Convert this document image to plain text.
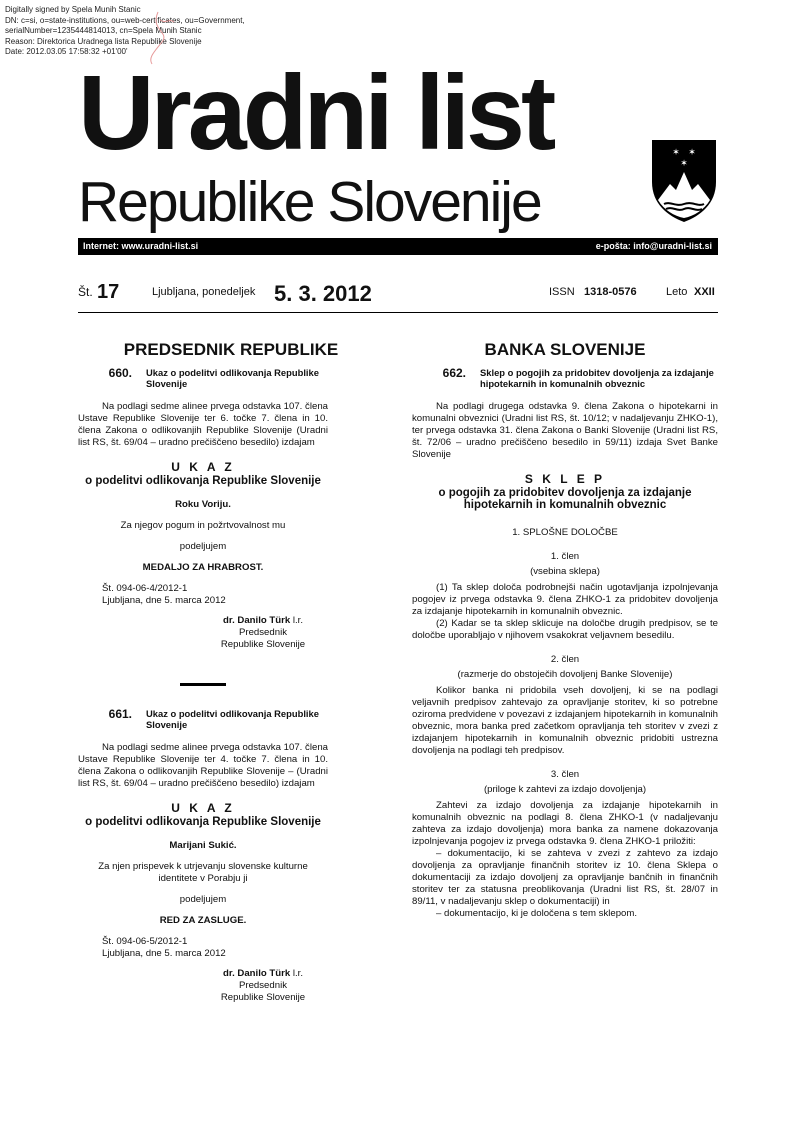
Digitally signed by Spela Munih Stanic
DN: c=si, o=state-institutions, ou=web-certificates, ou=Government,
serialNumber=1235444814013, cn=Spela Munih Stanic
Reason: Direktorica Uradnega lista Republike Slovenije
Date: 2012.03.05 17:58:32 +01'00'
Uradni list
Republike Slovenije
✶ ✶
✶
Internet: www.uradni-list.si	e-pošta: info@uradni-list.si
Št. 17	Ljubljana, ponedeljek 5. 3. 2012	ISSN 1318-0576	Leto XXII
PREDSEDNIK REPUBLIKE
660.	Ukaz o podelitvi odlikovanja Republike Slovenije
Na podlagi sedme alinee prvega odstavka 107. člena Ustave Republike Slovenije ter 6. točke 7. člena in 10. člena Zakona o odlikovanjih Republike Slovenije (Uradni list RS, št. 69/04 – uradno prečiščeno besedilo) izdajam
U K A Z
o podelitvi odlikovanja Republike Slovenije
Roku Voriju.
Za njegov pogum in požrtvovalnost mu
podeljujem
MEDALJO ZA HRABROST.
Št. 094-06-4/2012-1
Ljubljana, dne 5. marca 2012
dr. Danilo Türk l.r.
Predsednik
Republike Slovenije
661.	Ukaz o podelitvi odlikovanja Republike Slovenije
Na podlagi sedme alinee prvega odstavka 107. člena Ustave Republike Slovenije ter 4. točke 7. člena in 10. člena Zakona o odlikovanjih Republike Slovenije – (Uradni list RS, št. 69/04 – uradno prečiščeno besedilo) izdajam
U K A Z
o podelitvi odlikovanja Republike Slovenije
Marijani Sukić.
Za njen prispevek k utrjevanju slovenske kulturne identitete v Porabju ji
podeljujem
RED ZA ZASLUGE.
Št. 094-06-5/2012-1
Ljubljana, dne 5. marca 2012
dr. Danilo Türk l.r.
Predsednik
Republike Slovenije
BANKA SLOVENIJE
662.	Sklep o pogojih za pridobitev dovoljenja za izdajanje hipotekarnih in komunalnih obveznic
Na podlagi drugega odstavka 9. člena Zakona o hipotekarni in komunalni obveznici (Uradni list RS, št. 10/12; v nadaljevanju ZHKO-1), ter prvega odstavka 31. člena Zakona o Banki Slovenije (Uradni list RS, št. 72/06 – uradno prečiščeno besedilo in 59/11) izdaja Svet Banke Slovenije
S K L E P
o pogojih za pridobitev dovoljenja za izdajanje hipotekarnih in komunalnih obveznic
1. SPLOŠNE DOLOČBE
1. člen
(vsebina sklepa)
(1) Ta sklep določa podrobnejši način ugotavljanja izpolnjevanja pogojev iz prvega odstavka 9. člena ZHKO-1 za pridobitev dovoljenja za izdajanje hipotekarnih in komunalnih obveznic.
(2) Kadar se ta sklep sklicuje na določbe drugih predpisov, se te določbe uporabljajo v njihovem vsakokrat veljavnem besedilu.
2. člen
(razmerje do obstoječih dovoljenj Banke Slovenije)
Kolikor banka ni pridobila vseh dovoljenj, ki se na podlagi veljavnih predpisov zahtevajo za opravljanje storitev, ki so potrebne oziroma predvidene v povezavi z izdajanjem hipotekarnih in komunalnih obveznic, mora banka pred začetkom opravljanja teh storitev v zvezi z izdajanjem hipotekarnih in komunalnih obveznic pridobiti ustrezna dovoljenja na podlagi teh predpisov.
3. člen
(priloge k zahtevi za izdajo dovoljenja)
Zahtevi za izdajo dovoljenja za izdajanje hipotekarnih in komunalnih obveznic na podlagi 8. člena ZHKO-1 (v nadaljevanju zahteva za izdajo dovoljenja) mora banka za namene dokazovanja izpolnjevanja pogojev iz prvega odstavka 9. člena ZHKO-1 priložiti:
– dokumentacijo, ki se zahteva v zvezi z zahtevo za izdajo dovoljenja za opravljanje finančnih storitev iz 10. člena Sklepa o dokumentaciji za izdajo dovoljenj za opravljanje bančnih in finančnih storitev ter za statusna preoblikovanja (Uradni list RS, št. 28/07 in 89/11, v nadaljevanju sklep o dokumentaciji) in
– dokumentacijo, ki je določena s tem sklepom.
